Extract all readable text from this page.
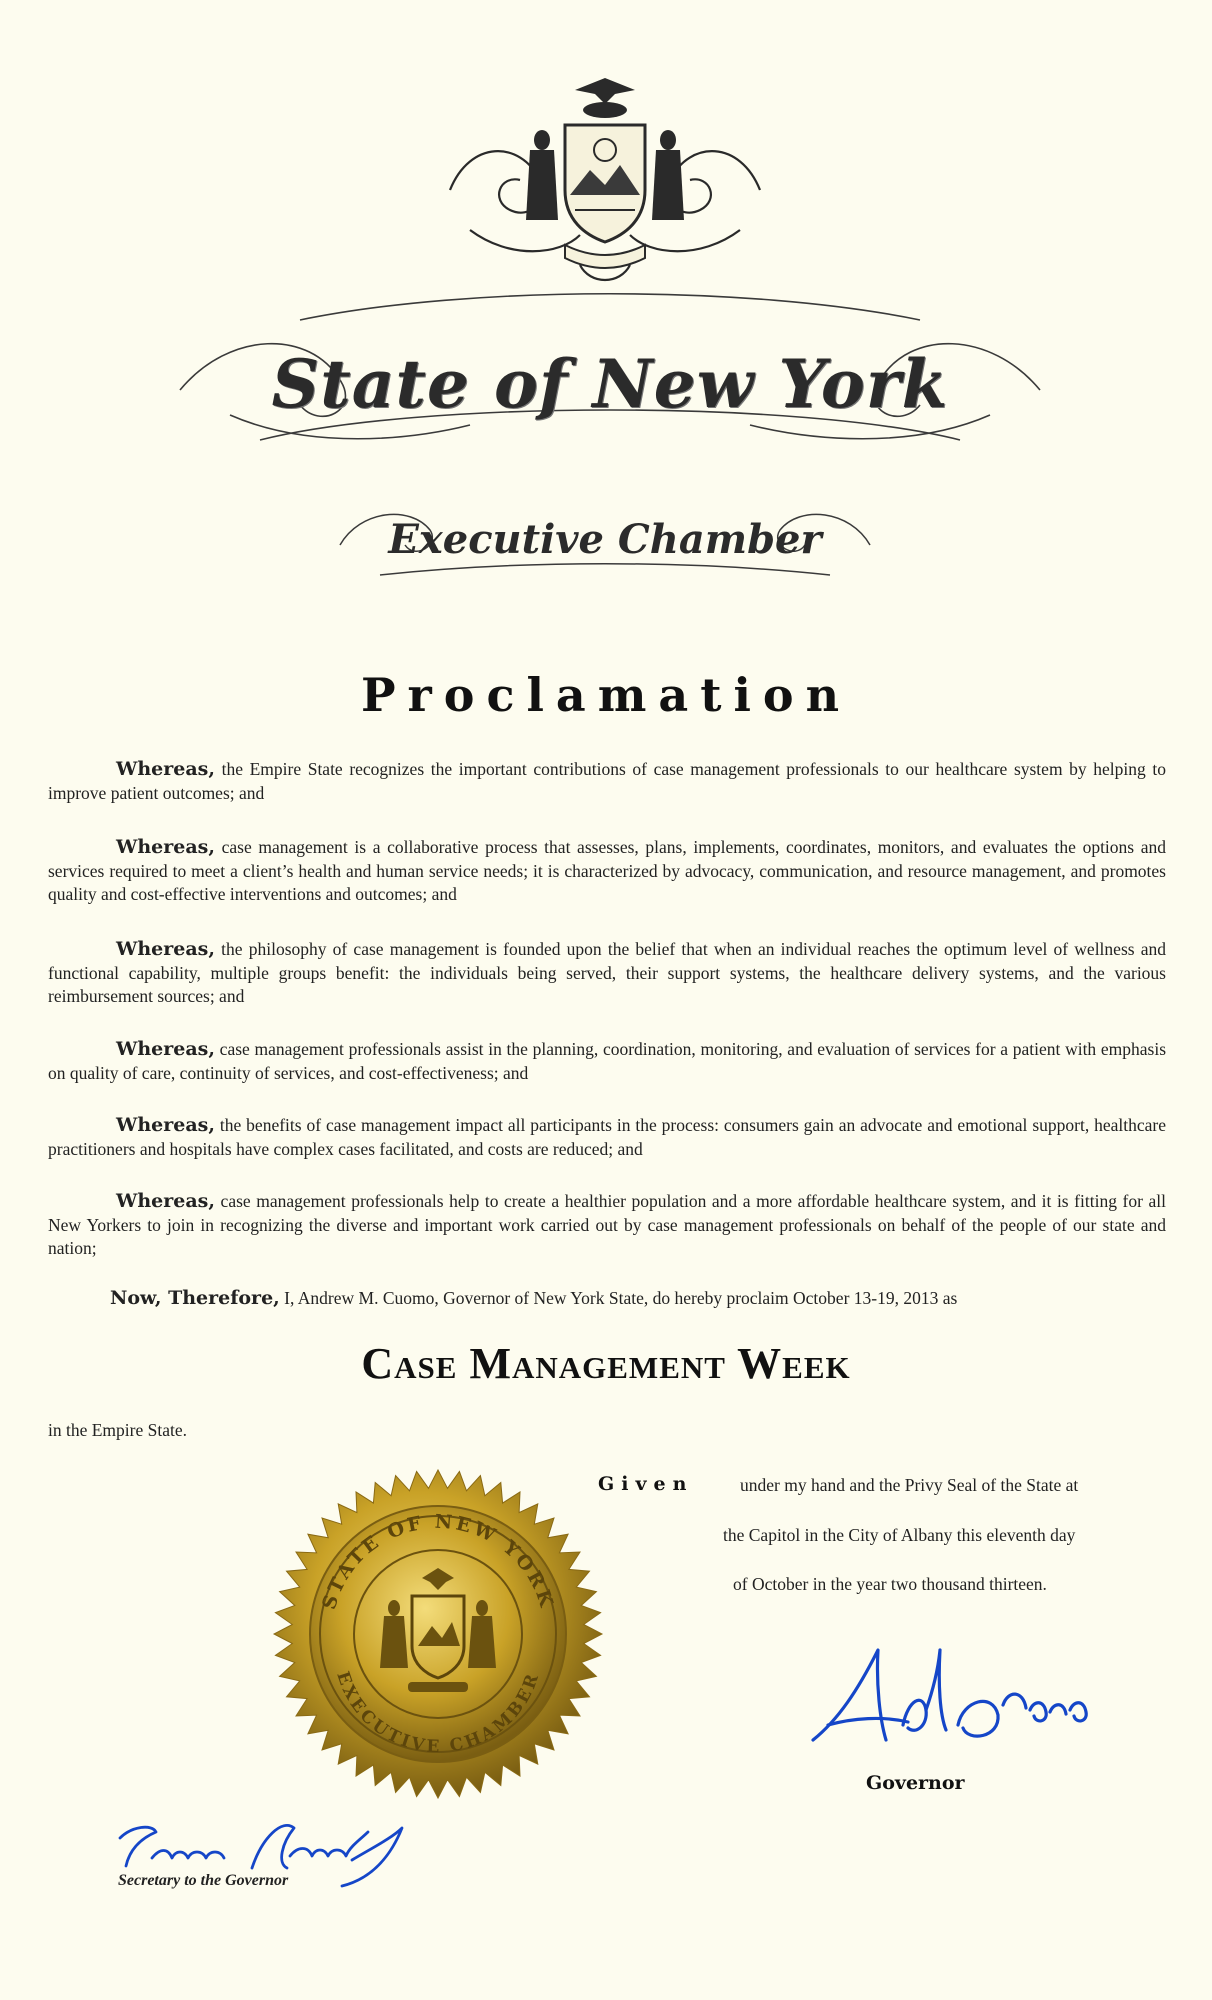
State of New York
Executive Chamber
Proclamation
Whereas, the Empire State recognizes the important contributions of case management professionals to our healthcare system by helping to improve patient outcomes; and
Whereas, case management is a collaborative process that assesses, plans, implements, coordinates, monitors, and evaluates the options and services required to meet a client’s health and human service needs; it is characterized by advocacy, communication, and resource management, and promotes quality and cost-effective interventions and outcomes; and
Whereas, the philosophy of case management is founded upon the belief that when an individual reaches the optimum level of wellness and functional capability, multiple groups benefit: the individuals being served, their support systems, the healthcare delivery systems, and the various reimbursement sources; and
Whereas, case management professionals assist in the planning, coordination, monitoring, and evaluation of services for a patient with emphasis on quality of care, continuity of services, and cost-effectiveness; and
Whereas, the benefits of case management impact all participants in the process: consumers gain an advocate and emotional support, healthcare practitioners and hospitals have complex cases facilitated, and costs are reduced; and
Whereas, case management professionals help to create a healthier population and a more affordable healthcare system, and it is fitting for all New Yorkers to join in recognizing the diverse and important work carried out by case management professionals on behalf of the people of our state and nation;
Now, Therefore, I, Andrew M. Cuomo, Governor of New York State, do hereby proclaim October 13-19, 2013 as
Case Management Week
in the Empire State.
STATE OF NEW YORK
EXECUTIVE CHAMBER
Given	under my hand and the Privy Seal of the State at
the Capitol in the City of Albany this eleventh day
of October in the year two thousand thirteen.
Governor
Secretary to the Governor
